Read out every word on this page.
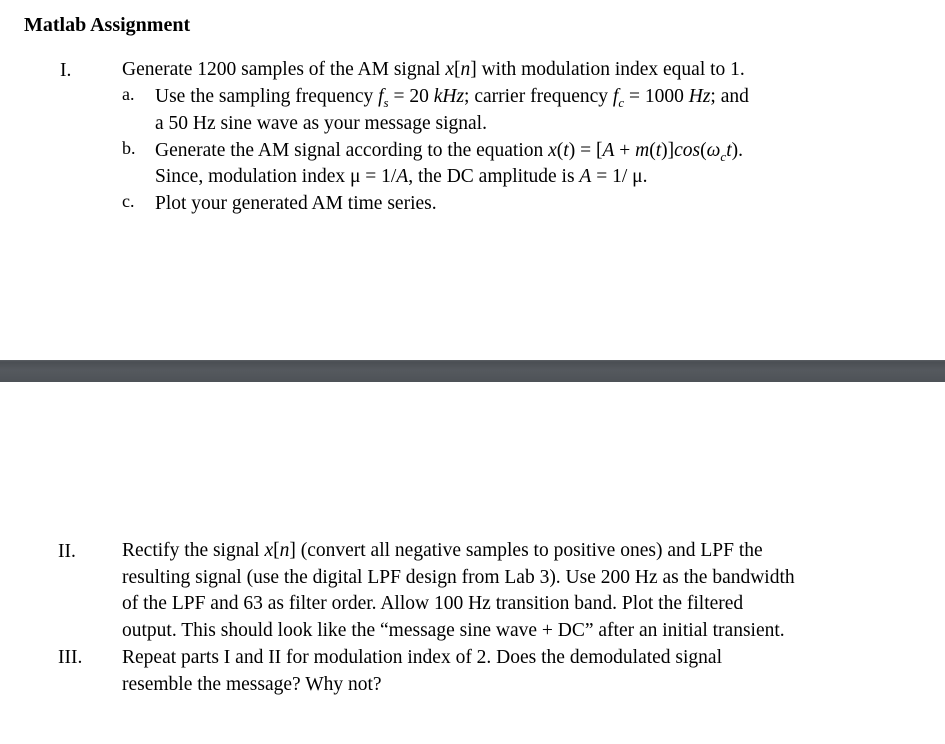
Matlab Assignment
I.	Generate 1200 samples of the AM signal x[n] with modulation index equal to 1.
a. Use the sampling frequency $f_s = 20$ kHz; carrier frequency $f_c = 1000$ Hz; and
a 50 Hz sine wave as your message signal.
b. Generate the AM signal according to the equation $x(t) = [A + m(t)]\cos(\omega_ct)$.
Since, modulation index μ = 1/A, the DC amplitude is A = 1/ μ.
c. Plot your generated AM time series.
II. Rectify the signal x[n] (convert all negative samples to positive ones) and LPF the
resulting signal (use the digital LPF design from Lab 3). Use 200 Hz as the bandwidth
of the LPF and 63 as filter order. Allow 100 Hz transition band. Plot the filtered
output. This should look like the “message sine wave + DC” after an initial transient.
III. Repeat parts I and II for modulation index of 2. Does the demodulated signal
resemble the message? Why not?
